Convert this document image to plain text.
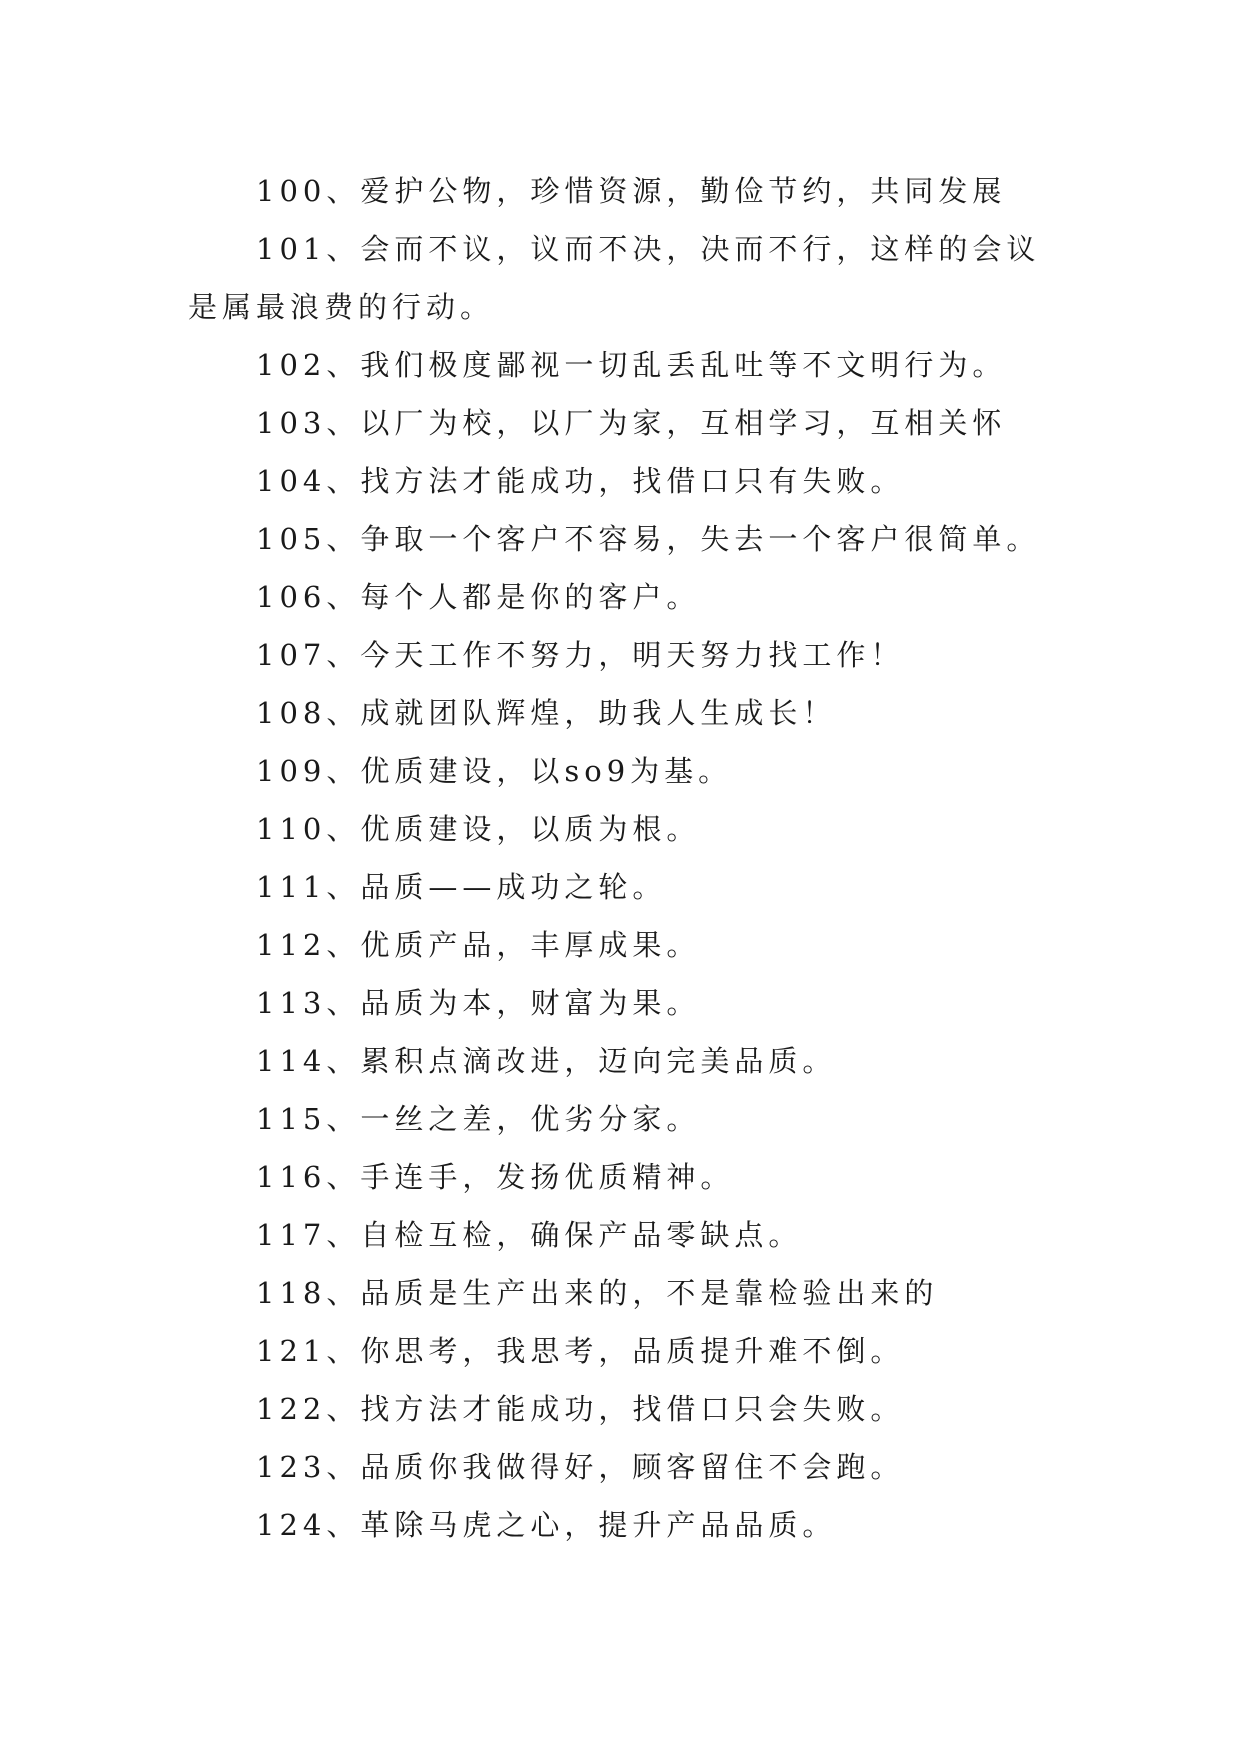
100、爱护公物，珍惜资源，勤俭节约，共同发展

101、会而不议，议而不决，决而不行，这样的会议是属最浪费的行动。

102、我们极度鄙视一切乱丢乱吐等不文明行为。

103、以厂为校，以厂为家，互相学习，互相关怀

104、找方法才能成功，找借口只有失败。

105、争取一个客户不容易，失去一个客户很简单。

106、每个人都是你的客户。

107、今天工作不努力，明天努力找工作！

108、成就团队辉煌，助我人生成长！

109、优质建设，以so9为基。

110、优质建设，以质为根。

111、品质——成功之轮。

112、优质产品，丰厚成果。

113、品质为本，财富为果。

114、累积点滴改进，迈向完美品质。

115、一丝之差，优劣分家。

116、手连手，发扬优质精神。

117、自检互检，确保产品零缺点。

118、品质是生产出来的，不是靠检验出来的

121、你思考，我思考，品质提升难不倒。

122、找方法才能成功，找借口只会失败。

123、品质你我做得好，顾客留住不会跑。

124、革除马虎之心，提升产品品质。
